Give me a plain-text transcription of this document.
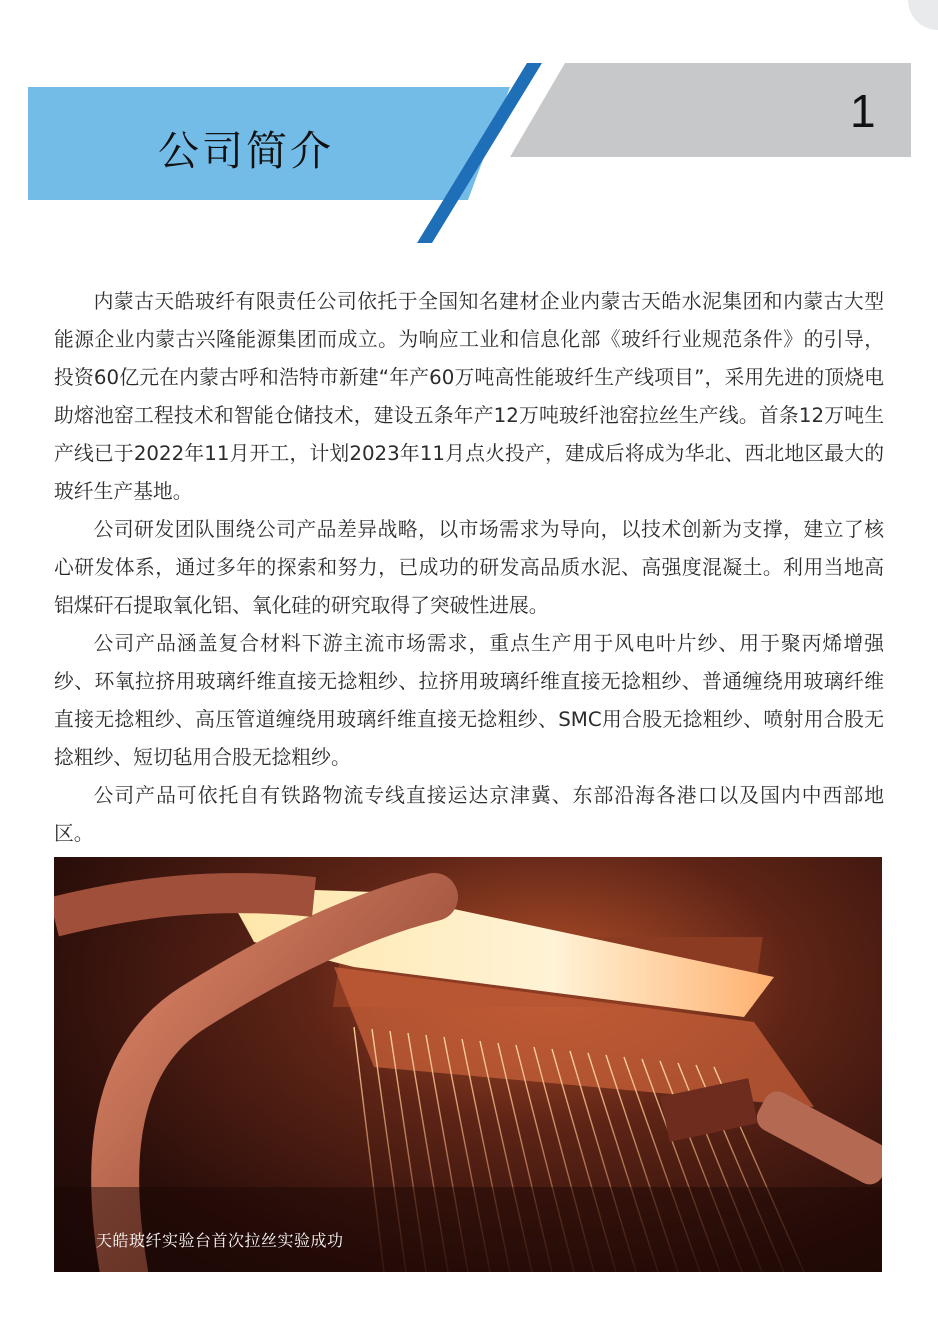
公司简介
1

内蒙古天皓玻纤有限责任公司依托于全国知名建材企业内蒙古天皓水泥集团和内蒙古大型能源企业内蒙古兴隆能源集团而成立。为响应工业和信息化部《玻纤行业规范条件》的引导，投资60亿元在内蒙古呼和浩特市新建“年产60万吨高性能玻纤生产线项目”，采用先进的顶烧电助熔池窑工程技术和智能仓储技术，建设五条年产12万吨玻纤池窑拉丝生产线。首条12万吨生产线已于2022年11月开工，计划2023年11月点火投产，建成后将成为华北、西北地区最大的玻纤生产基地。

公司研发团队围绕公司产品差异战略，以市场需求为导向，以技术创新为支撑，建立了核心研发体系，通过多年的探索和努力，已成功的研发高品质水泥、高强度混凝土。利用当地高铝煤矸石提取氧化铝、氧化硅的研究取得了突破性进展。

公司产品涵盖复合材料下游主流市场需求，重点生产用于风电叶片纱、用于聚丙烯增强纱、环氧拉挤用玻璃纤维直接无捻粗纱、拉挤用玻璃纤维直接无捻粗纱、普通缠绕用玻璃纤维直接无捻粗纱、高压管道缠绕用玻璃纤维直接无捻粗纱、SMC用合股无捻粗纱、喷射用合股无捻粗纱、短切毡用合股无捻粗纱。

公司产品可依托自有铁路物流专线直接运达京津冀、东部沿海各港口以及国内中西部地区。

天皓玻纤实验台首次拉丝实验成功
